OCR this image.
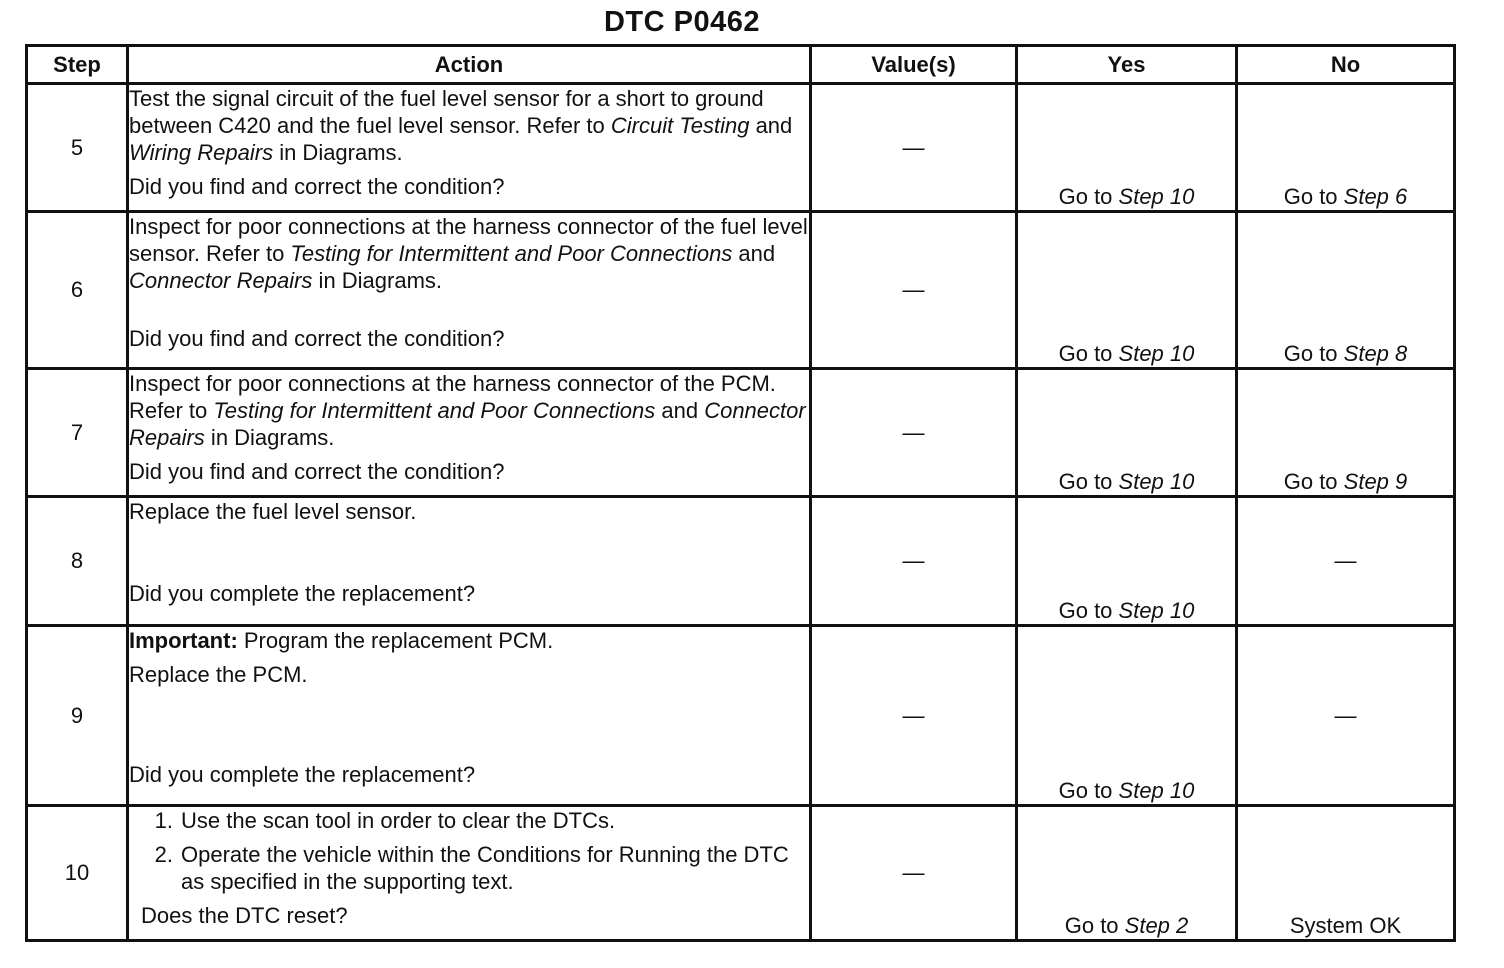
DTC P0462
Step	Action	Value(s)	Yes	No
5	Test the signal circuit of the fuel level sensor for a short to ground between C420 and the fuel level sensor. Refer to Circuit Testing and Wiring Repairs in Diagrams.
Did you find and correct the condition?	—	Go to Step 10	Go to Step 6
6	Inspect for poor connections at the harness connector of the fuel level sensor. Refer to Testing for Intermittent and Poor Connections and Connector Repairs in Diagrams.
Did you find and correct the condition?	—	Go to Step 10	Go to Step 8
7	Inspect for poor connections at the harness connector of the PCM. Refer to Testing for Intermittent and Poor Connections and Connector Repairs in Diagrams.
Did you find and correct the condition?	—	Go to Step 10	Go to Step 9
8	Replace the fuel level sensor.
Did you complete the replacement?	—	Go to Step 10	—
9	Important: Program the replacement PCM.
Replace the PCM.
Did you complete the replacement?	—	Go to Step 10	—
10	1. Use the scan tool in order to clear the DTCs.
2. Operate the vehicle within the Conditions for Running the DTC as specified in the supporting text.
Does the DTC reset?	—	Go to Step 2	System OK
